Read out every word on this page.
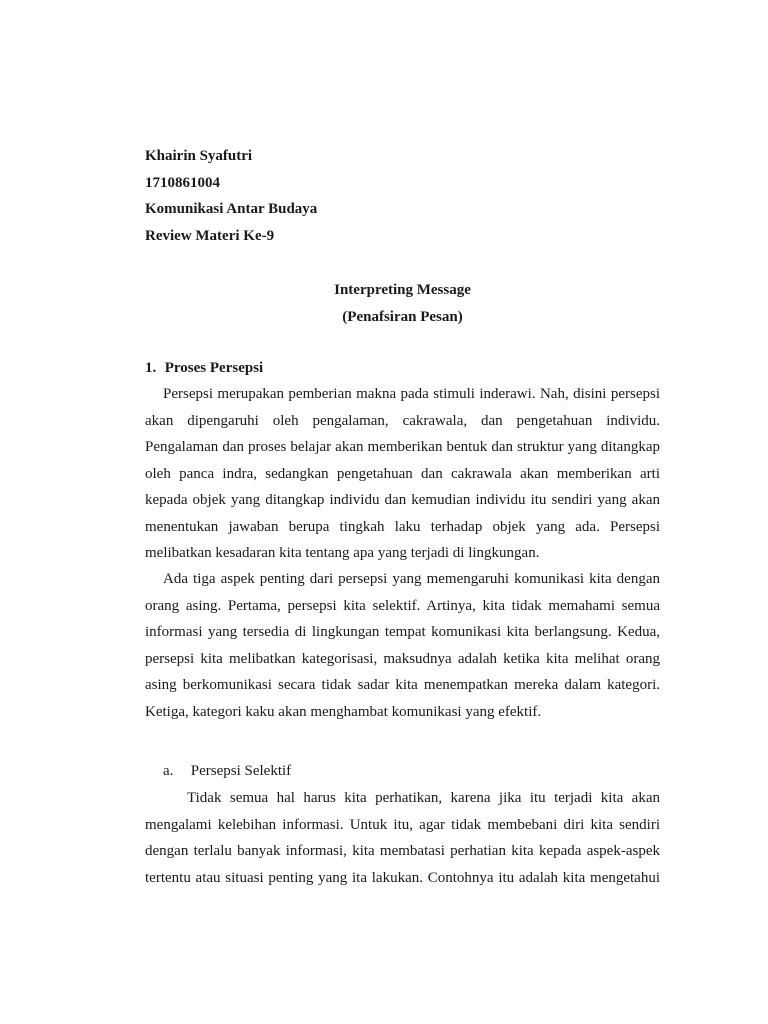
Khairin Syafutri
1710861004
Komunikasi Antar Budaya
Review Materi Ke-9
Interpreting Message
(Penafsiran Pesan)
1. Proses Persepsi
Persepsi merupakan pemberian makna pada stimuli inderawi. Nah, disini persepsi
akan dipengaruhi oleh pengalaman, cakrawala, dan pengetahuan individu.
Pengalaman dan proses belajar akan memberikan bentuk dan struktur yang ditangkap
oleh panca indra, sedangkan pengetahuan dan cakrawala akan memberikan arti
kepada objek yang ditangkap individu dan kemudian individu itu sendiri yang akan
menentukan jawaban berupa tingkah laku terhadap objek yang ada. Persepsi
melibatkan kesadaran kita tentang apa yang terjadi di lingkungan.
Ada tiga aspek penting dari persepsi yang memengaruhi komunikasi kita dengan
orang asing. Pertama, persepsi kita selektif. Artinya, kita tidak memahami semua
informasi yang tersedia di lingkungan tempat komunikasi kita berlangsung. Kedua,
persepsi kita melibatkan kategorisasi, maksudnya adalah ketika kita melihat orang
asing berkomunikasi secara tidak sadar kita menempatkan mereka dalam kategori.
Ketiga, kategori kaku akan menghambat komunikasi yang efektif.
a. Persepsi Selektif
Tidak semua hal harus kita perhatikan, karena jika itu terjadi kita akan
mengalami kelebihan informasi. Untuk itu, agar tidak membebani diri kita sendiri
dengan terlalu banyak informasi, kita membatasi perhatian kita kepada aspek-aspek
tertentu atau situasi penting yang ita lakukan. Contohnya itu adalah kita mengetahui
